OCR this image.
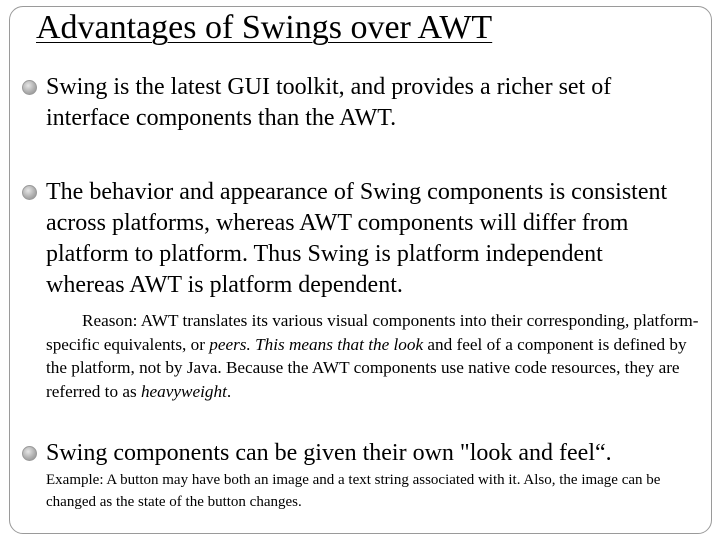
Advantages of Swings over AWT

Swing is the latest GUI toolkit, and provides a richer set of interface components than the AWT.

The behavior and appearance of Swing components is consistent across platforms, whereas AWT components will differ from platform to platform. Thus Swing is platform independent whereas AWT is platform dependent.

Reason: AWT translates its various visual components into their corresponding, platform-specific equivalents, or peers. This means that the look and feel of a component is defined by the platform, not by Java. Because the AWT components use native code resources, they are referred to as heavyweight.

Swing components can be given their own "look and feel“.

Example: A button may have both an image and a text string associated with it. Also, the image can be changed as the state of the button changes.
